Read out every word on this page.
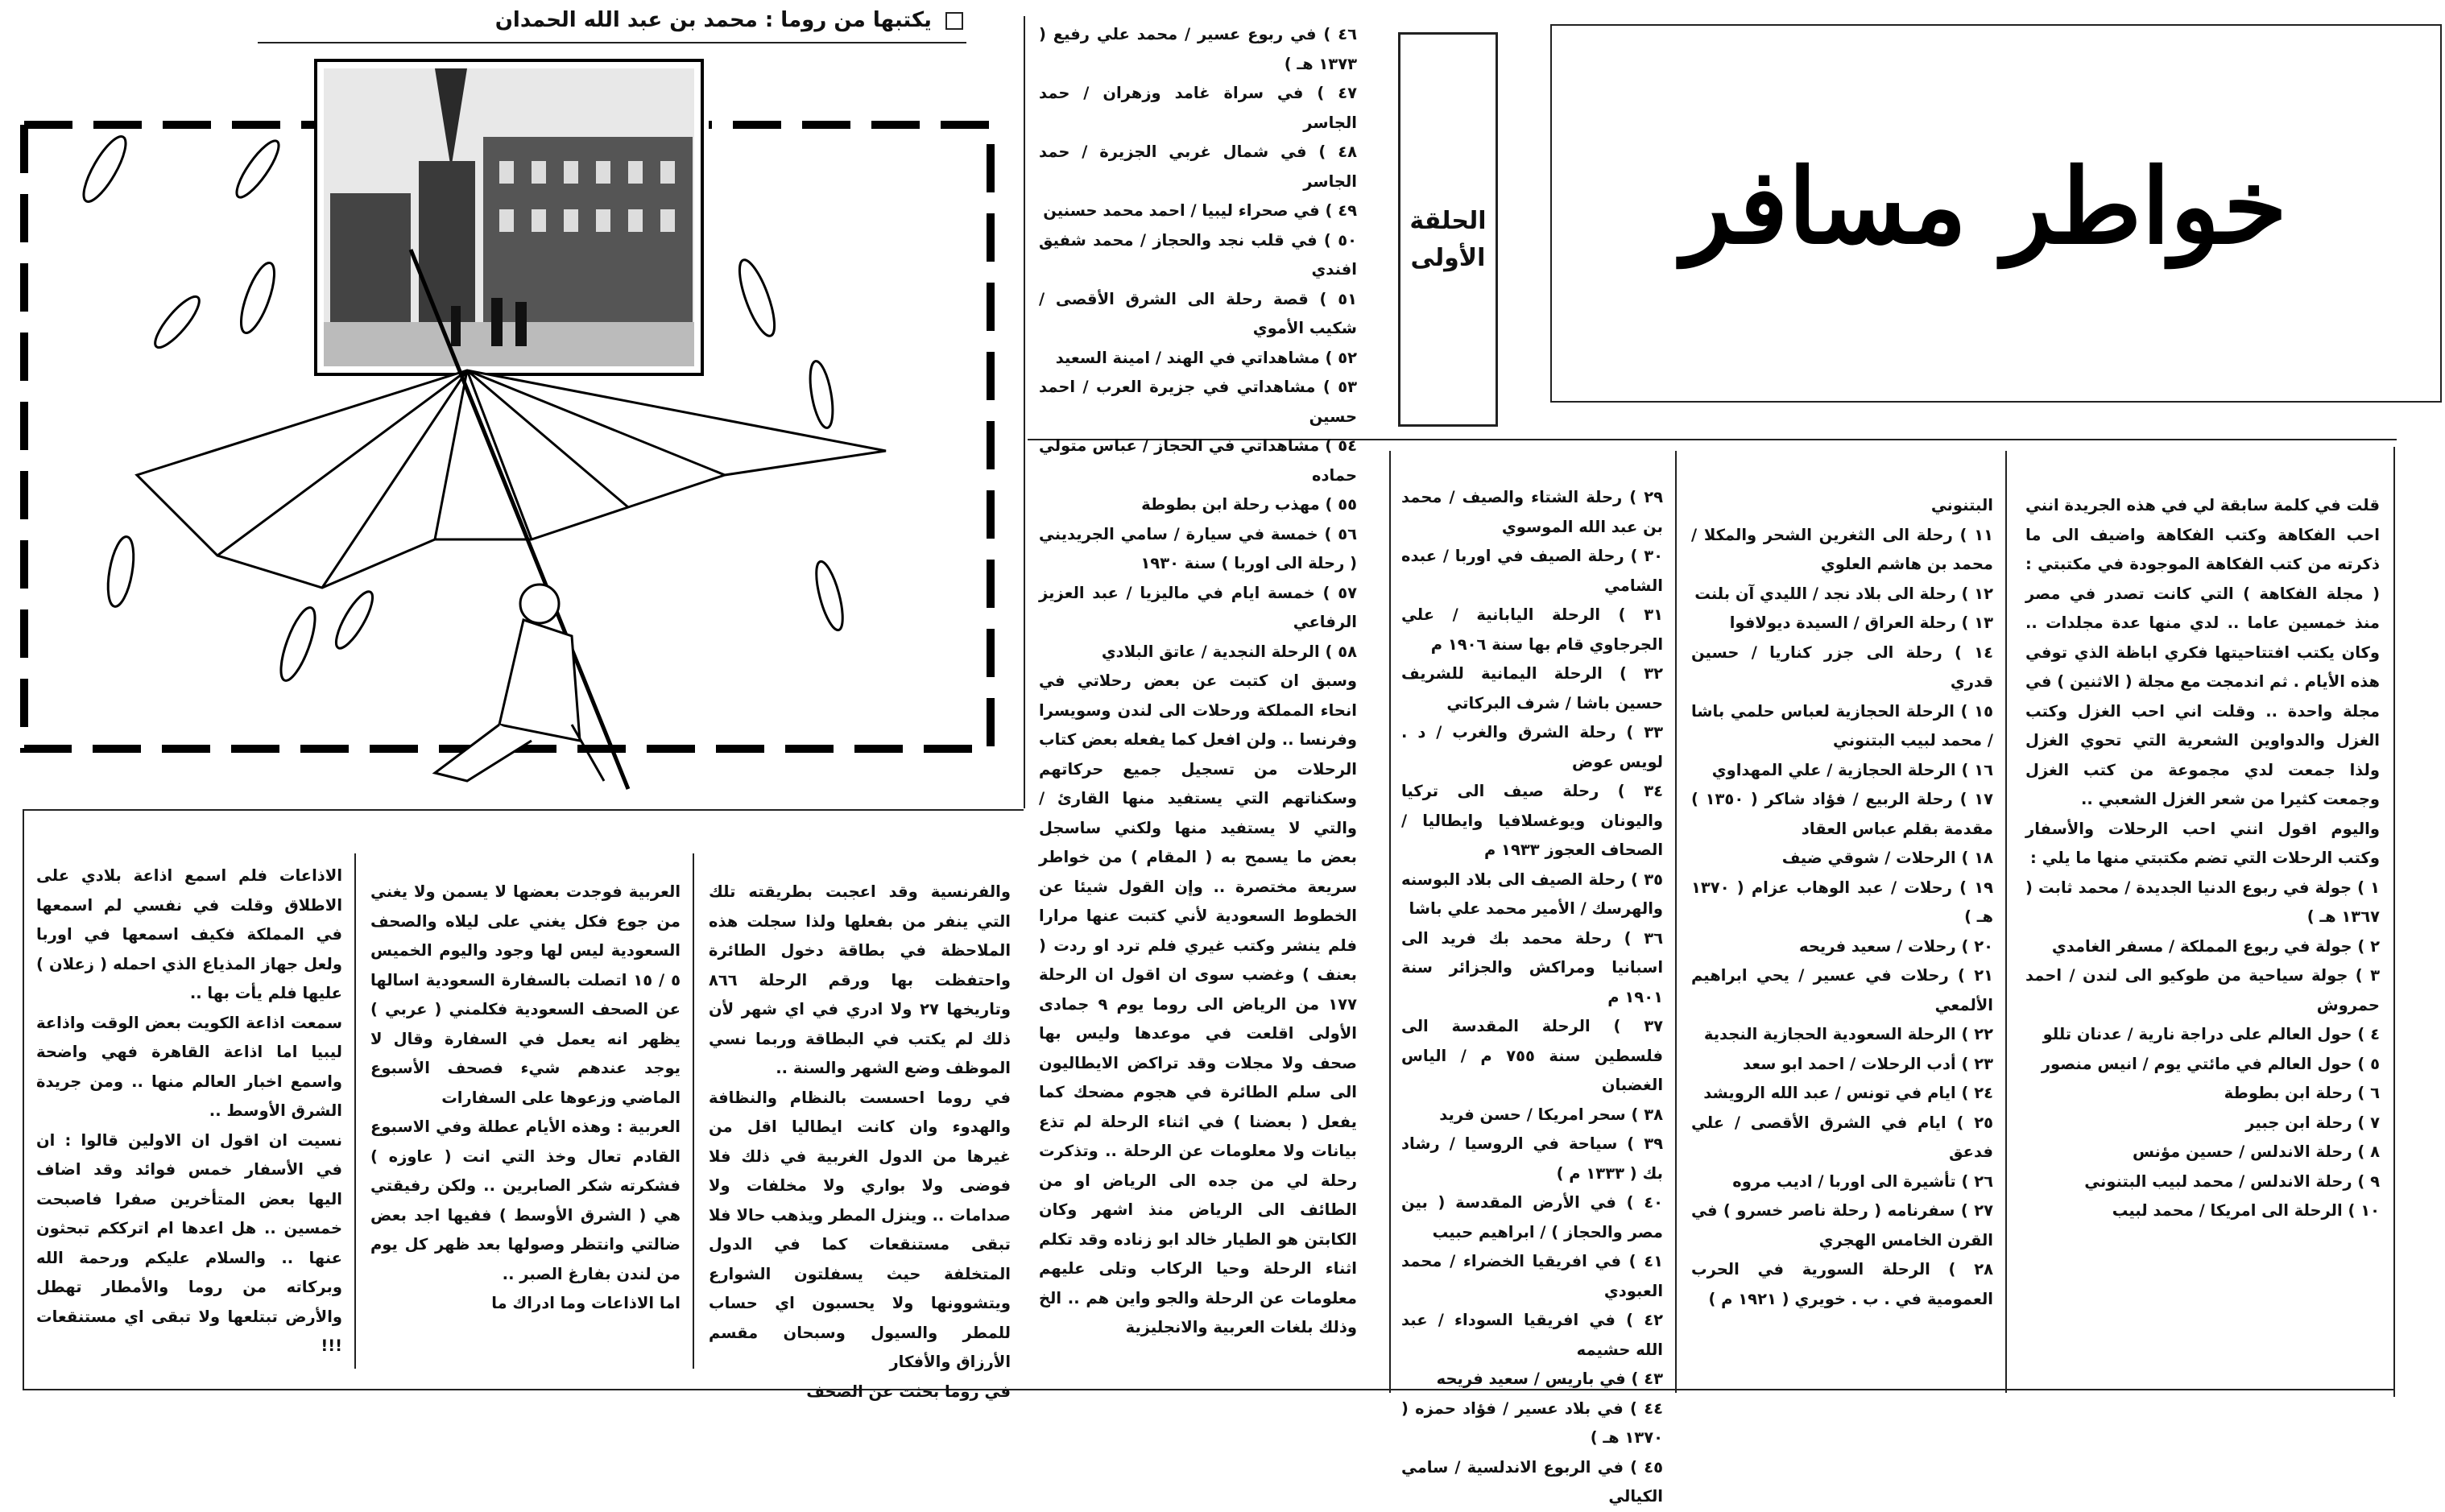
خواطر مسافر
الحلقة
الأولى
يكتبها من روما : محمد بن عبد الله الحمدان

قلت في كلمة سابقة لي في هذه الجريدة انني احب الفكاهة وكتب الفكاهة واضيف الى ما ذكرته من كتب الفكاهة الموجودة في مكتبتي : ( مجلة الفكاهة ) التي كانت تصدر في مصر منذ خمسين عاما .. لدي منها عدة مجلدات .. وكان يكتب افتتاحيتها فكري اباظة الذي توفي هذه الأيام . ثم اندمجت مع مجلة ( الاثنين ) في مجلة واحدة .. وقلت اني احب الغزل وكتب الغزل والدواوين الشعرية التي تحوي الغزل ولذا جمعت لدي مجموعة من كتب الغزل وجمعت كثيرا من شعر الغزل الشعبي ..

واليوم اقول انني احب الرحلات والأسفار وكتب الرحلات التي تضم مكتبتي منها ما يلي :

١ ) جولة في ربوع الدنيا الجديدة / محمد ثابت ( ١٣٦٧ هـ )

٢ ) جولة في ربوع المملكة / مسفر الغامدي

٣ ) جولة سياحية من طوكيو الى لندن / احمد حمروش

٤ ) حول العالم على دراجة نارية / عدنان تللو

٥ ) حول العالم في مائتي يوم / انيس منصور

٦ ) رحلة ابن بطوطة

٧ ) رحلة ابن جبير

٨ ) رحلة الاندلس / حسين مؤنس

٩ ) رحلة الاندلس / محمد لبيب البتنوني

١٠ ) الرحلة الى امريكا / محمد لبيب

البتنوني

١١ ) رحلة الى الثغرين الشحر والمكلا / محمد بن هاشم العلوي

١٢ ) رحلة الى بلاد نجد / الليدي آن بلنت

١٣ ) رحلة العراق / السيدة ديولافوا

١٤ ) رحلة الى جزر كناريا / حسين قدري

١٥ ) الرحلة الحجازية لعباس حلمي باشا / محمد لبيب البتنوني

١٦ ) الرحلة الحجازية / علي المهداوي

١٧ ) رحلة الربيع / فؤاد شاكر ( ١٣٥٠ ) مقدمة بقلم عباس العقاد

١٨ ) الرحلات / شوقي ضيف

١٩ ) رحلات / عبد الوهاب عزام ( ١٣٧٠ هـ )

٢٠ ) رحلات / سعيد فريحه

٢١ ) رحلات في عسير / يحي ابراهيم الألمعي

٢٢ ) الرحلة السعودية الحجازية النجدية

٢٣ ) أدب الرحلات / احمد ابو سعد

٢٤ ) ايام في تونس / عبد الله الرويشد

٢٥ ) ايام في الشرق الأقصى / علي فدعق

٢٦ ) تأشيرة الى اوربا / اديب مروه

٢٧ ) سفرنامه ( رحلة ناصر خسرو ) في القرن الخامس الهجري

٢٨ ) الرحلة السورية في الحرب العمومية في . ب . خويري ( ١٩٢١ م )

٢٩ ) رحلة الشتاء والصيف / محمد بن عبد الله الموسوي

٣٠ ) رحلة الصيف في اوربا / عبده الشامي

٣١ ) الرحلة اليابانية / علي الجرجاوي قام بها سنة ١٩٠٦ م

٣٢ ) الرحلة اليمانية للشريف حسين باشا / شرف البركاتي

٣٣ ) رحلة الشرق والغرب / د . لويس عوض

٣٤ ) رحلة صيف الى تركيا واليونان ويوغسلافيا وايطاليا / الصحاف العجوز ١٩٣٣ م

٣٥ ) رحلة الصيف الى بلاد البوسنه والهرسك / الأمير محمد علي باشا

٣٦ ) رحلة محمد بك فريد الى اسبانيا ومراكش والجزائر سنة ١٩٠١ م

٣٧ ) الرحلة المقدسة الى فلسطين سنة ٧٥٥ م / الياس الغضبان

٣٨ ) سحر امريكا / حسن فريد

٣٩ ) سياحة في الروسيا / رشاد بك ( ١٣٣٣ م )

٤٠ ) في الأرض المقدسة ( بين مصر والحجاز ) / ابراهيم حبيب

٤١ ) في افريقيا الخضراء / محمد العبودي

٤٢ ) في افريقيا السوداء / عبد الله حشيمه

٤٣ ) في باريس / سعيد فريحه

٤٤ ) في بلاد عسير / فؤاد حمزه ( ١٣٧٠ هـ )

٤٥ ) في الربوع الاندلسية / سامي الكيالي

٤٦ ) في ربوع عسير / محمد علي رفيع ( ١٣٧٣ هـ )

٤٧ ) في سراة غامد وزهران / حمد الجاسر

٤٨ ) في شمال غربي الجزيرة / حمد الجاسر

٤٩ ) في صحراء ليبيا / احمد محمد حسنين

٥٠ ) في قلب نجد والحجاز / محمد شفيق افندي

٥١ ) قصة رحلة الى الشرق الأقصى / شكيب الأموي

٥٢ ) مشاهداتي في الهند / امينة السعيد

٥٣ ) مشاهداتي في جزيرة العرب / احمد حسين

٥٤ ) مشاهداتي في الحجاز / عباس متولي حماده

٥٥ ) مهذب رحلة ابن بطوطة

٥٦ ) خمسة في سيارة / سامي الجريديني ( رحلة الى اوربا ) سنة ١٩٣٠

٥٧ ) خمسة ايام في ماليزيا / عبد العزيز الرفاعي

٥٨ ) الرحلة النجدية / عاتق البلادي

وسبق ان كتبت عن بعض رحلاتي في انحاء المملكة ورحلات الى لندن وسويسرا وفرنسا .. ولن افعل كما يفعله بعض كتاب الرحلات من تسجيل جميع حركاتهم وسكناتهم التي يستفيد منها القارئ / والتي لا يستفيد منها ولكني ساسجل بعض ما يسمح به ( المقام ) من خواطر سريعة مختصرة .. وإن القول شيئا عن الخطوط السعودية لأني كتبت عنها مرارا فلم ينشر وكتب غيري فلم ترد او ردت ( بعنف ) وغضب سوى ان اقول ان الرحلة ١٧٧ من الرياض الى روما يوم ٩ جمادى الأولى اقلعت في موعدها وليس بها صحف ولا مجلات وقد تراكض الايطاليون الى سلم الطائرة في هجوم مضحك كما يفعل ( بعضنا ) في اثناء الرحلة لم تذع بيانات ولا معلومات عن الرحلة .. وتذكرت رحلة لي من جده الى الرياض او من الطائف الى الرياض منذ اشهر وكان الكابتن هو الطيار خالد ابو زناده وقد تكلم اثناء الرحلة وحيا الركاب وتلى عليهم معلومات عن الرحلة والجو واين هم .. الخ وذلك بلغات العربية والانجليزية

والفرنسية وقد اعجبت بطريقته تلك التي ينفر من بفعلها ولذا سجلت هذه الملاحظة في بطاقة دخول الطائرة واحتفظت بها ورقم الرحلة ٨٦٦ وتاريخها ٢٧ ولا ادري في اي شهر لأن ذلك لم يكتب في البطاقة وربما نسي الموظف وضع الشهر والسنة ..

في روما احسست بالنظام والنظافة والهدوء وان كانت ايطاليا اقل من غيرها من الدول الغربية في ذلك فلا فوضى ولا بواري ولا مخلفات ولا صدامات .. وينزل المطر ويذهب حالا فلا تبقى مستنقعات كما في الدول المتخلفة حيث يسفلتون الشوارع ويتشوونها ولا يحسبون اي حساب للمطر والسيول وسبحان مقسم الأرزاق والأفكار

في روما بحثت عن الصحف

العربية فوجدت بعضها لا يسمن ولا يغني من جوع فكل يغني على ليلاه والصحف السعودية ليس لها وجود واليوم الخميس ٥ / ١٥ اتصلت بالسفارة السعودية اسالها عن الصحف السعودية فكلمني ( عربي ) يظهر انه يعمل في السفارة وقال لا يوجد عندهم شيء فصحف الأسبوع الماضي وزعوها على السفارات

العربية : وهذه الأيام عطلة وفي الاسبوع القادم تعال وخذ التي انت ( عاوزه ) فشكرته شكر الصابرين .. ولكن رفيقتي هي ( الشرق الأوسط ) ففيها اجد بعض ضالتي وانتظر وصولها بعد ظهر كل يوم من لندن بفارغ الصبر ..

اما الاذاعات وما ادراك ما

الاذاعات فلم اسمع اذاعة بلادي على الاطلاق وقلت في نفسي لم اسمعها في المملكة فكيف اسمعها في اوربا ولعل جهاز المذياع الذي احمله ( زعلان ) عليها فلم يأت بها ..

سمعت اذاعة الكويت بعض الوقت واذاعة ليبيا اما اذاعة القاهرة فهي واضحة واسمع اخبار العالم منها .. ومن جريدة الشرق الأوسط ..

نسيت ان اقول ان الاولين قالوا : ان في الأسفار خمس فوائد وقد اضاف اليها بعض المتأخرين صفرا فاصبحت خمسين .. هل اعدها ام اترككم تبحثون عنها .. والسلام عليكم ورحمة الله وبركاته من روما والأمطار تهطل والأرض تبتلعها ولا تبقى اي مستنقعات !!!
